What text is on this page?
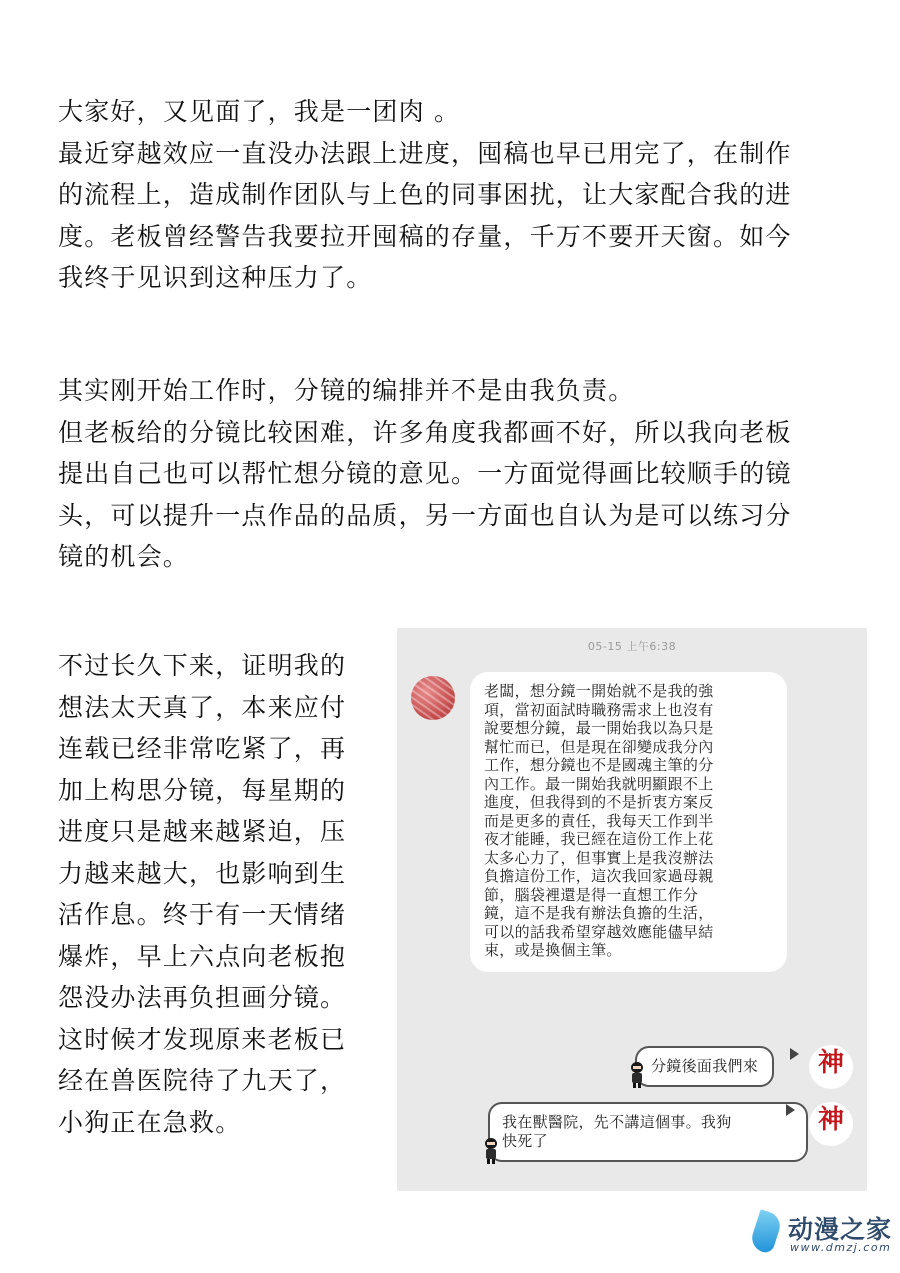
大家好，又见面了，我是一团肉 。

最近穿越效应一直没办法跟上进度，囤稿也早已用完了，在制作

的流程上，造成制作团队与上色的同事困扰，让大家配合我的进

度。老板曾经警告我要拉开囤稿的存量，千万不要开天窗。如今

我终于见识到这种压力了。

其实刚开始工作时，分镜的编排并不是由我负责。

但老板给的分镜比较困难，许多角度我都画不好，所以我向老板

提出自己也可以帮忙想分镜的意见。一方面觉得画比较顺手的镜

头，可以提升一点作品的品质，另一方面也自认为是可以练习分

镜的机会。

不过长久下来，证明我的

想法太天真了，本来应付

连载已经非常吃紧了，再

加上构思分镜，每星期的

进度只是越来越紧迫，压

力越来越大，也影响到生

活作息。终于有一天情绪

爆炸，早上六点向老板抱

怨没办法再负担画分镜。

这时候才发现原来老板已

经在兽医院待了九天了，

小狗正在急救。

05-15 上午6:38

老闆，想分鏡一開始就不是我的強

項，當初面試時職務需求上也沒有

說要想分鏡，最一開始我以為只是

幫忙而已，但是現在卻變成我分內

工作，想分鏡也不是國魂主筆的分

內工作。最一開始我就明顯跟不上

進度，但我得到的不是折衷方案反

而是更多的責任，我每天工作到半

夜才能睡，我已經在這份工作上花

太多心力了，但事實上是我沒辦法

負擔這份工作，這次我回家過母親

節，腦袋裡還是得一直想工作分

鏡，這不是我有辦法負擔的生活，

可以的話我希望穿越效應能儘早結

束，或是換個主筆。

分鏡後面我們來	神

我在獸醫院，先不講這個事。我狗

快死了

神
动漫之家
www.dmzj.com
